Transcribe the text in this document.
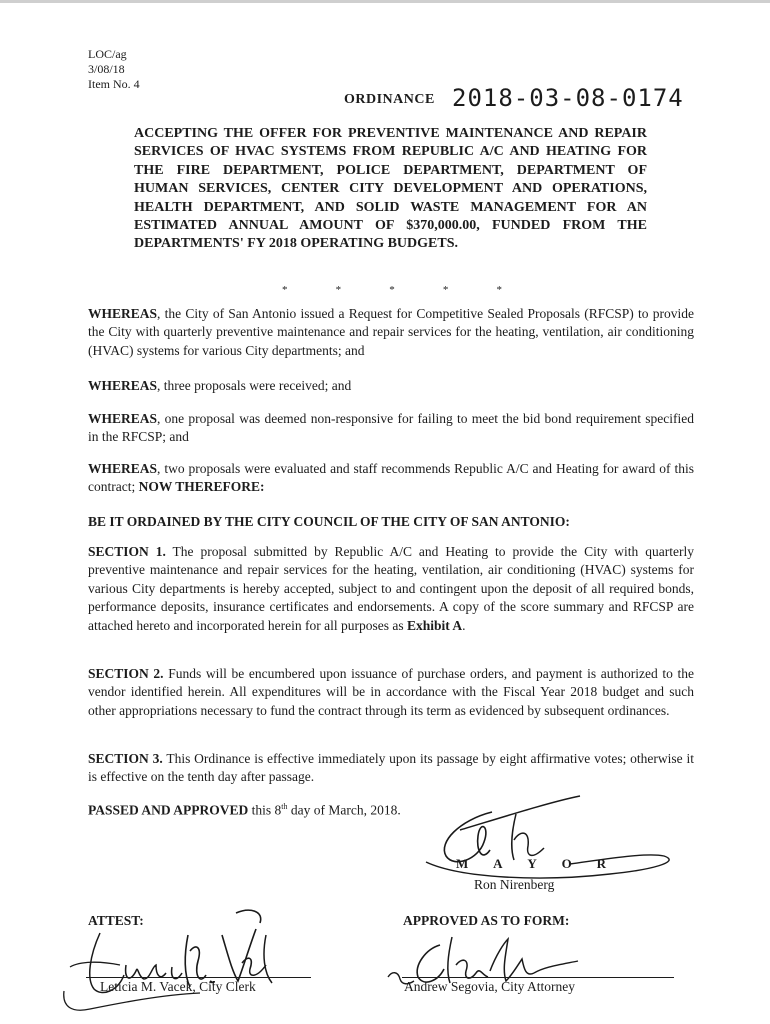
LOC/ag
3/08/18
Item No. 4
ORDINANCE 2018-03-08-0174
ACCEPTING THE OFFER FOR PREVENTIVE MAINTENANCE AND REPAIR SERVICES OF HVAC SYSTEMS FROM REPUBLIC A/C AND HEATING FOR THE FIRE DEPARTMENT, POLICE DEPARTMENT, DEPARTMENT OF HUMAN SERVICES, CENTER CITY DEVELOPMENT AND OPERATIONS, HEALTH DEPARTMENT, AND SOLID WASTE MANAGEMENT FOR AN ESTIMATED ANNUAL AMOUNT OF $370,000.00, FUNDED FROM THE DEPARTMENTS' FY 2018 OPERATING BUDGETS.
*	*	*	*	*
WHEREAS, the City of San Antonio issued a Request for Competitive Sealed Proposals (RFCSP) to provide the City with quarterly preventive maintenance and repair services for the heating, ventilation, air conditioning (HVAC) systems for various City departments; and
WHEREAS, three proposals were received; and
WHEREAS, one proposal was deemed non-responsive for failing to meet the bid bond requirement specified in the RFCSP; and
WHEREAS, two proposals were evaluated and staff recommends Republic A/C and Heating for award of this contract; NOW THEREFORE:
BE IT ORDAINED BY THE CITY COUNCIL OF THE CITY OF SAN ANTONIO:
SECTION 1. The proposal submitted by Republic A/C and Heating to provide the City with quarterly preventive maintenance and repair services for the heating, ventilation, air conditioning (HVAC) systems for various City departments is hereby accepted, subject to and contingent upon the deposit of all required bonds, performance deposits, insurance certificates and endorsements. A copy of the score summary and RFCSP are attached hereto and incorporated herein for all purposes as Exhibit A.
SECTION 2. Funds will be encumbered upon issuance of purchase orders, and payment is authorized to the vendor identified herein. All expenditures will be in accordance with the Fiscal Year 2018 budget and such other appropriations necessary to fund the contract through its term as evidenced by subsequent ordinances.
SECTION 3. This Ordinance is effective immediately upon its passage by eight affirmative votes; otherwise it is effective on the tenth day after passage.
PASSED AND APPROVED this 8th day of March, 2018.
M A Y O R
Ron Nirenberg
ATTEST:	APPROVED AS TO FORM:
Leticia M. Vacek, City Clerk	Andrew Segovia, City Attorney
